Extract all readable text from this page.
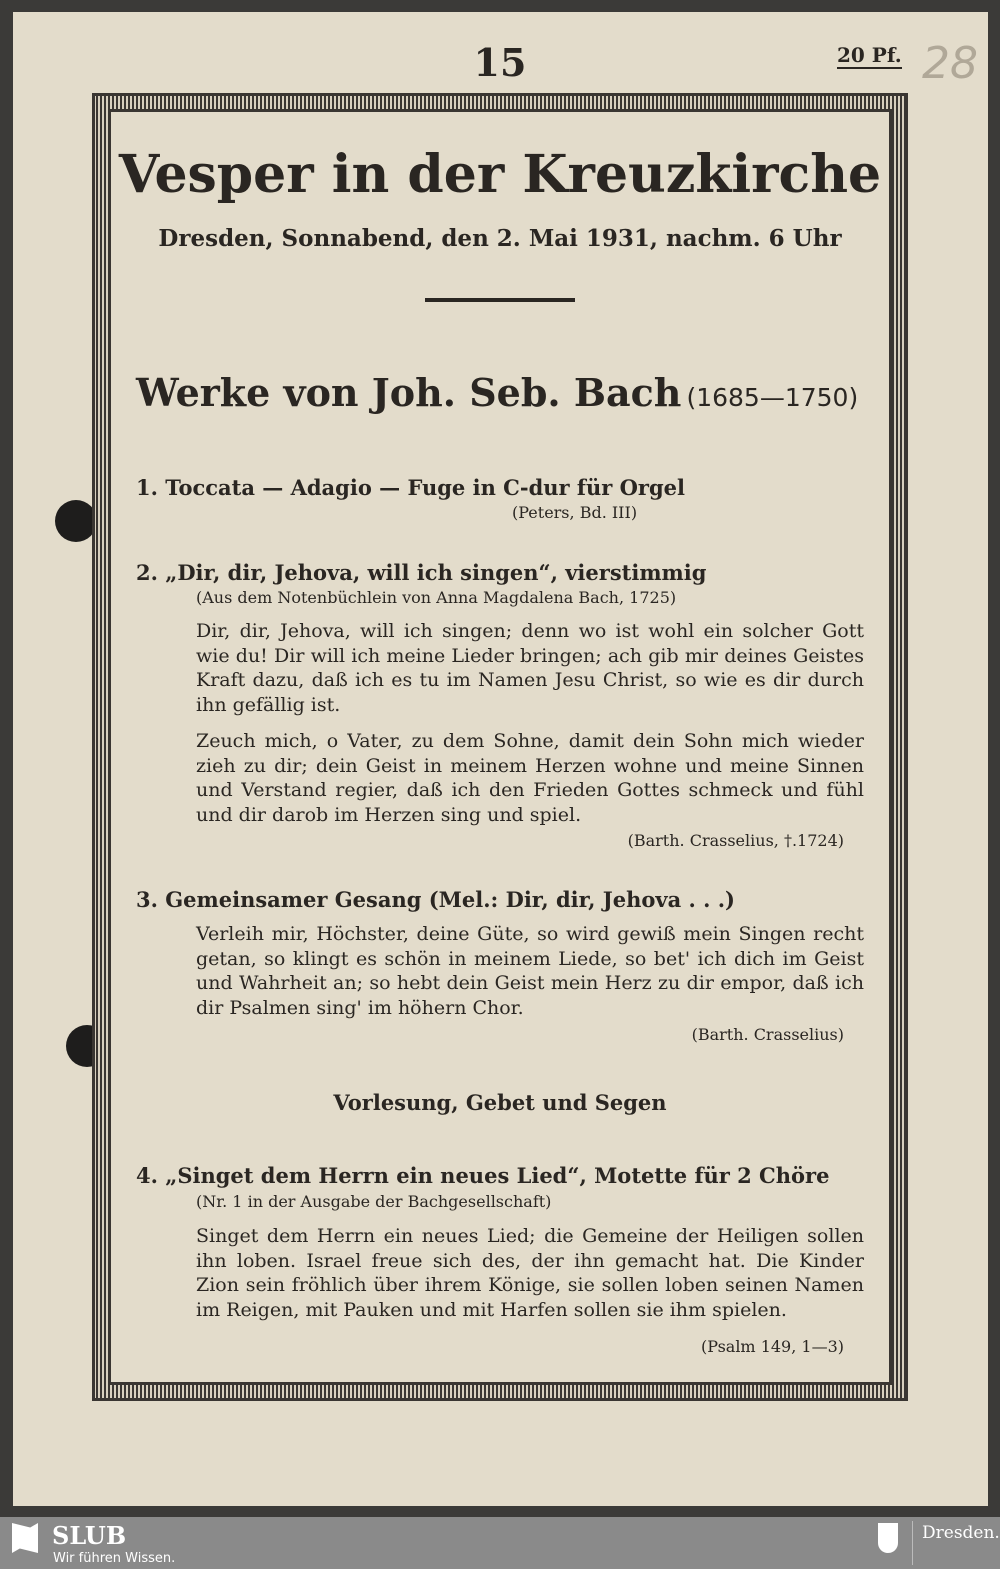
15	20 Pf. 28
Vesper in der Kreuzkirche
Dresden, Sonnabend, den 2. Mai 1931, nachm. 6 Uhr
Werke von Joh. Seb. Bach (1685—1750)
1. Toccata — Adagio — Fuge in C-dur für Orgel
(Peters, Bd. III)
2. „Dir, dir, Jehova, will ich singen“, vierstimmig
(Aus dem Notenbüchlein von Anna Magdalena Bach, 1725)
Dir, dir, Jehova, will ich singen; denn wo ist wohl ein solcher Gott wie du! Dir will ich meine Lieder bringen; ach gib mir deines Geistes Kraft dazu, daß ich es tu im Namen Jesu Christ, so wie es dir durch ihn gefällig ist.
Zeuch mich, o Vater, zu dem Sohne, damit dein Sohn mich wieder zieh zu dir; dein Geist in meinem Herzen wohne und meine Sinnen und Verstand regier, daß ich den Frieden Gottes schmeck und fühl und dir darob im Herzen sing und spiel.
(Barth. Crasselius, †.1724)
3. Gemeinsamer Gesang (Mel.: Dir, dir, Jehova . . .)
Verleih mir, Höchster, deine Güte, so wird gewiß mein Singen recht getan, so klingt es schön in meinem Liede, so bet' ich dich im Geist und Wahrheit an; so hebt dein Geist mein Herz zu dir empor, daß ich dir Psalmen sing' im höhern Chor.
(Barth. Crasselius)
Vorlesung, Gebet und Segen
4. „Singet dem Herrn ein neues Lied“, Motette für 2 Chöre
(Nr. 1 in der Ausgabe der Bachgesellschaft)
Singet dem Herrn ein neues Lied; die Gemeine der Heiligen sollen ihn loben. Israel freue sich des, der ihn gemacht hat. Die Kinder Zion sein fröhlich über ihrem Könige, sie sollen loben seinen Namen im Reigen, mit Pauken und mit Harfen sollen sie ihm spielen.
(Psalm 149, 1—3)
SLUB
Wir führen Wissen.
Dresden.
